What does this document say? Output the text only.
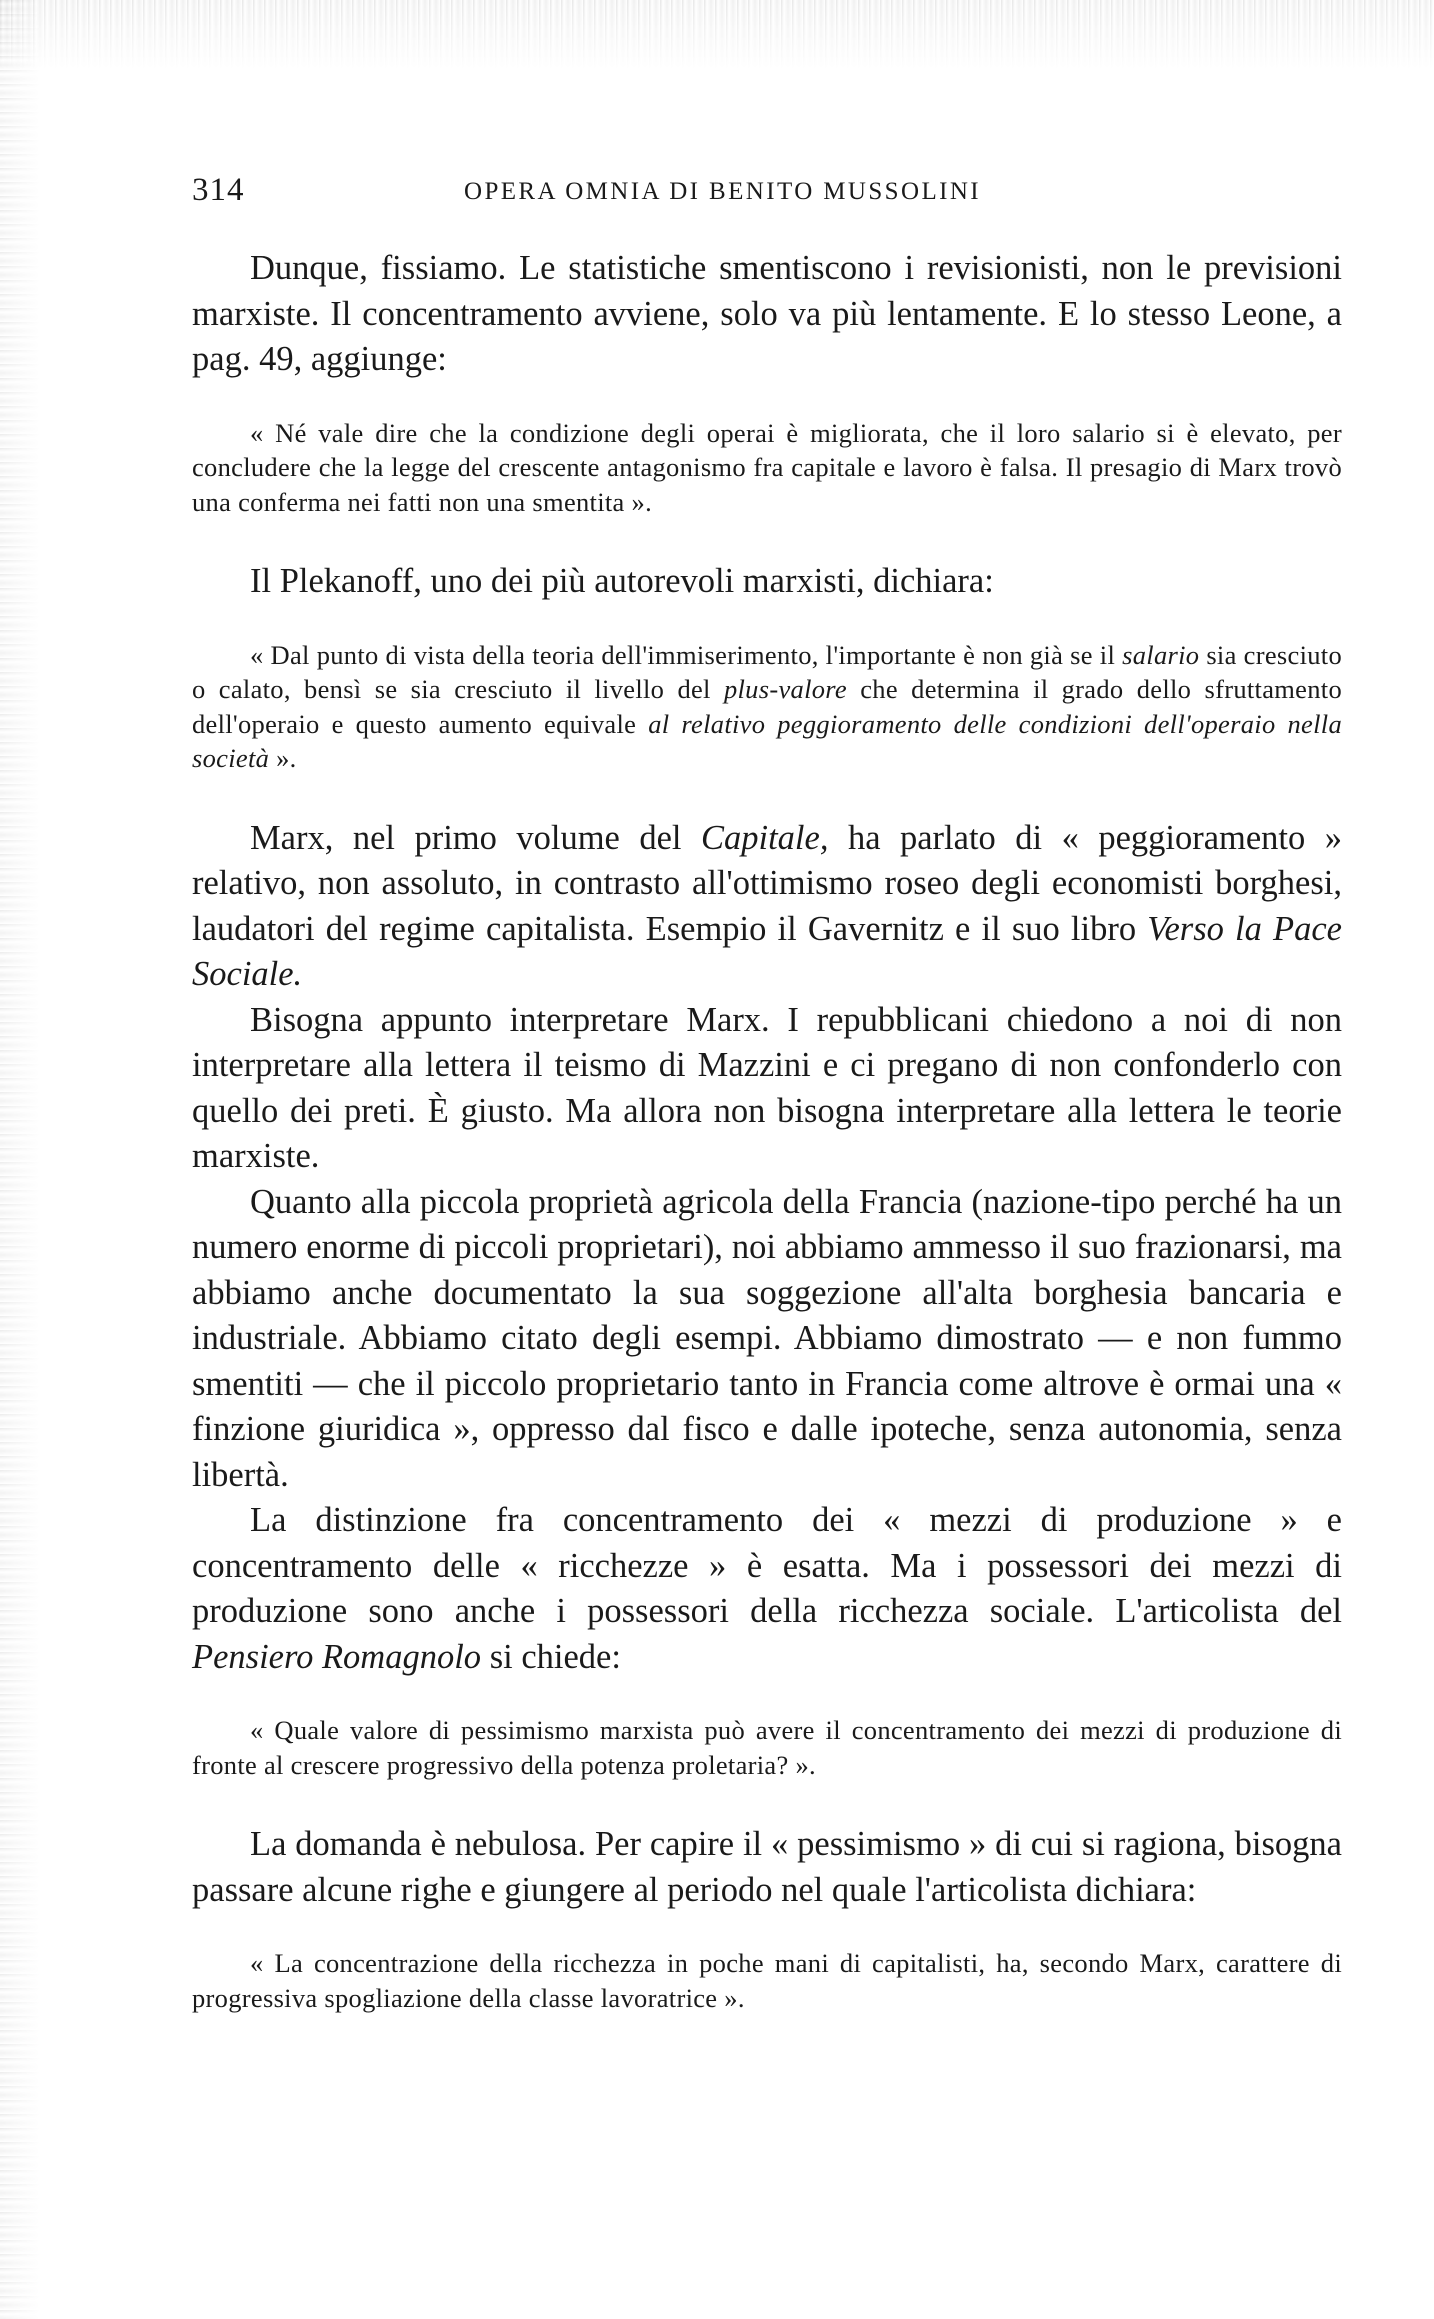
314	OPERA OMNIA DI BENITO MUSSOLINI

Dunque, fissiamo. Le statistiche smentiscono i revisionisti, non le previsioni marxiste. Il concentramento avviene, solo va più lentamente. E lo stesso Leone, a pag. 49, aggiunge:

« Né vale dire che la condizione degli operai è migliorata, che il loro salario si è elevato, per concludere che la legge del crescente antagonismo fra capitale e lavoro è falsa. Il presagio di Marx trovò una conferma nei fatti non una smentita ».

Il Plekanoff, uno dei più autorevoli marxisti, dichiara:

« Dal punto di vista della teoria dell'immiserimento, l'importante è non già se il salario sia cresciuto o calato, bensì se sia cresciuto il livello del plus-valore che determina il grado dello sfruttamento dell'operaio e questo aumento equivale al relativo peggioramento delle condizioni dell'operaio nella società ».

Marx, nel primo volume del Capitale, ha parlato di « peggioramento » relativo, non assoluto, in contrasto all'ottimismo roseo degli economisti borghesi, laudatori del regime capitalista. Esempio il Gavernitz e il suo libro Verso la Pace Sociale.

Bisogna appunto interpretare Marx. I repubblicani chiedono a noi di non interpretare alla lettera il teismo di Mazzini e ci pregano di non confonderlo con quello dei preti. È giusto. Ma allora non bisogna interpretare alla lettera le teorie marxiste.

Quanto alla piccola proprietà agricola della Francia (nazione-tipo perché ha un numero enorme di piccoli proprietari), noi abbiamo ammesso il suo frazionarsi, ma abbiamo anche documentato la sua soggezione all'alta borghesia bancaria e industriale. Abbiamo citato degli esempi. Abbiamo dimostrato — e non fummo smentiti — che il piccolo proprietario tanto in Francia come altrove è ormai una « finzione giuridica », oppresso dal fisco e dalle ipoteche, senza autonomia, senza libertà.

La distinzione fra concentramento dei « mezzi di produzione » e concentramento delle « ricchezze » è esatta. Ma i possessori dei mezzi di produzione sono anche i possessori della ricchezza sociale. L'articolista del Pensiero Romagnolo si chiede:

« Quale valore di pessimismo marxista può avere il concentramento dei mezzi di produzione di fronte al crescere progressivo della potenza proletaria? ».

La domanda è nebulosa. Per capire il « pessimismo » di cui si ragiona, bisogna passare alcune righe e giungere al periodo nel quale l'articolista dichiara:

« La concentrazione della ricchezza in poche mani di capitalisti, ha, secondo Marx, carattere di progressiva spogliazione della classe lavoratrice ».
